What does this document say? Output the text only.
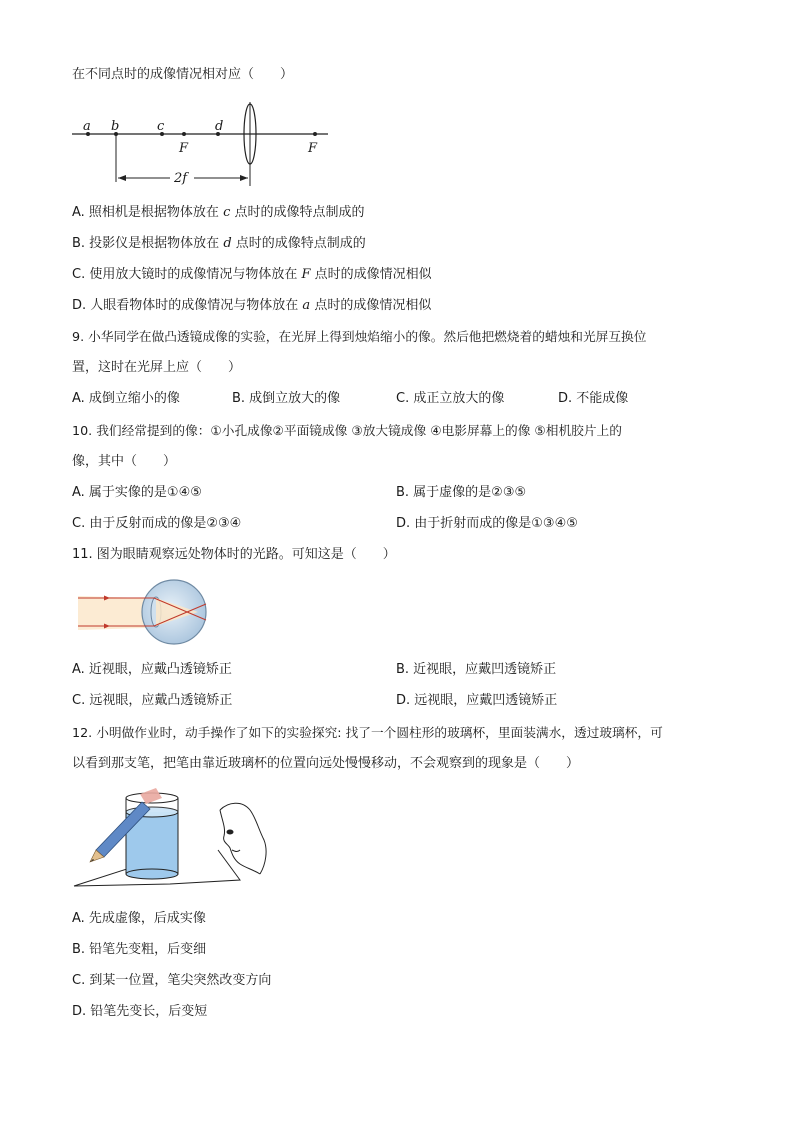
在不同点时的成像情况相对应（　　）
a b	c	d
F	F
2f
A. 照相机是根据物体放在 c 点时的成像特点制成的
B. 投影仪是根据物体放在 d 点时的成像特点制成的
C. 使用放大镜时的成像情况与物体放在 F 点时的成像情况相似
D. 人眼看物体时的成像情况与物体放在 a 点时的成像情况相似
9. 小华同学在做凸透镜成像的实验，在光屏上得到烛焰缩小的像。然后他把燃烧着的蜡烛和光屏互换位
置，这时在光屏上应（　　）
A. 成倒立缩小的像	B. 成倒立放大的像	C. 成正立放大的像	D. 不能成像
10. 我们经常提到的像：①小孔成像②平面镜成像 ③放大镜成像 ④电影屏幕上的像 ⑤相机胶片上的
像，其中（　　）
A. 属于实像的是①④⑤	B. 属于虚像的是②③⑤
C. 由于反射而成的像是②③④	D. 由于折射而成的像是①③④⑤
11. 图为眼睛观察远处物体时的光路。可知这是（　　）
A. 近视眼，应戴凸透镜矫正	B. 近视眼，应戴凹透镜矫正
C. 远视眼，应戴凸透镜矫正	D. 远视眼，应戴凹透镜矫正
12. 小明做作业时，动手操作了如下的实验探究: 找了一个圆柱形的玻璃杯，里面装满水，透过玻璃杯，可
以看到那支笔，把笔由靠近玻璃杯的位置向远处慢慢移动，不会观察到的现象是（　　）
A. 先成虚像，后成实像
B. 铅笔先变粗，后变细
C. 到某一位置，笔尖突然改变方向
D. 铅笔先变长，后变短
